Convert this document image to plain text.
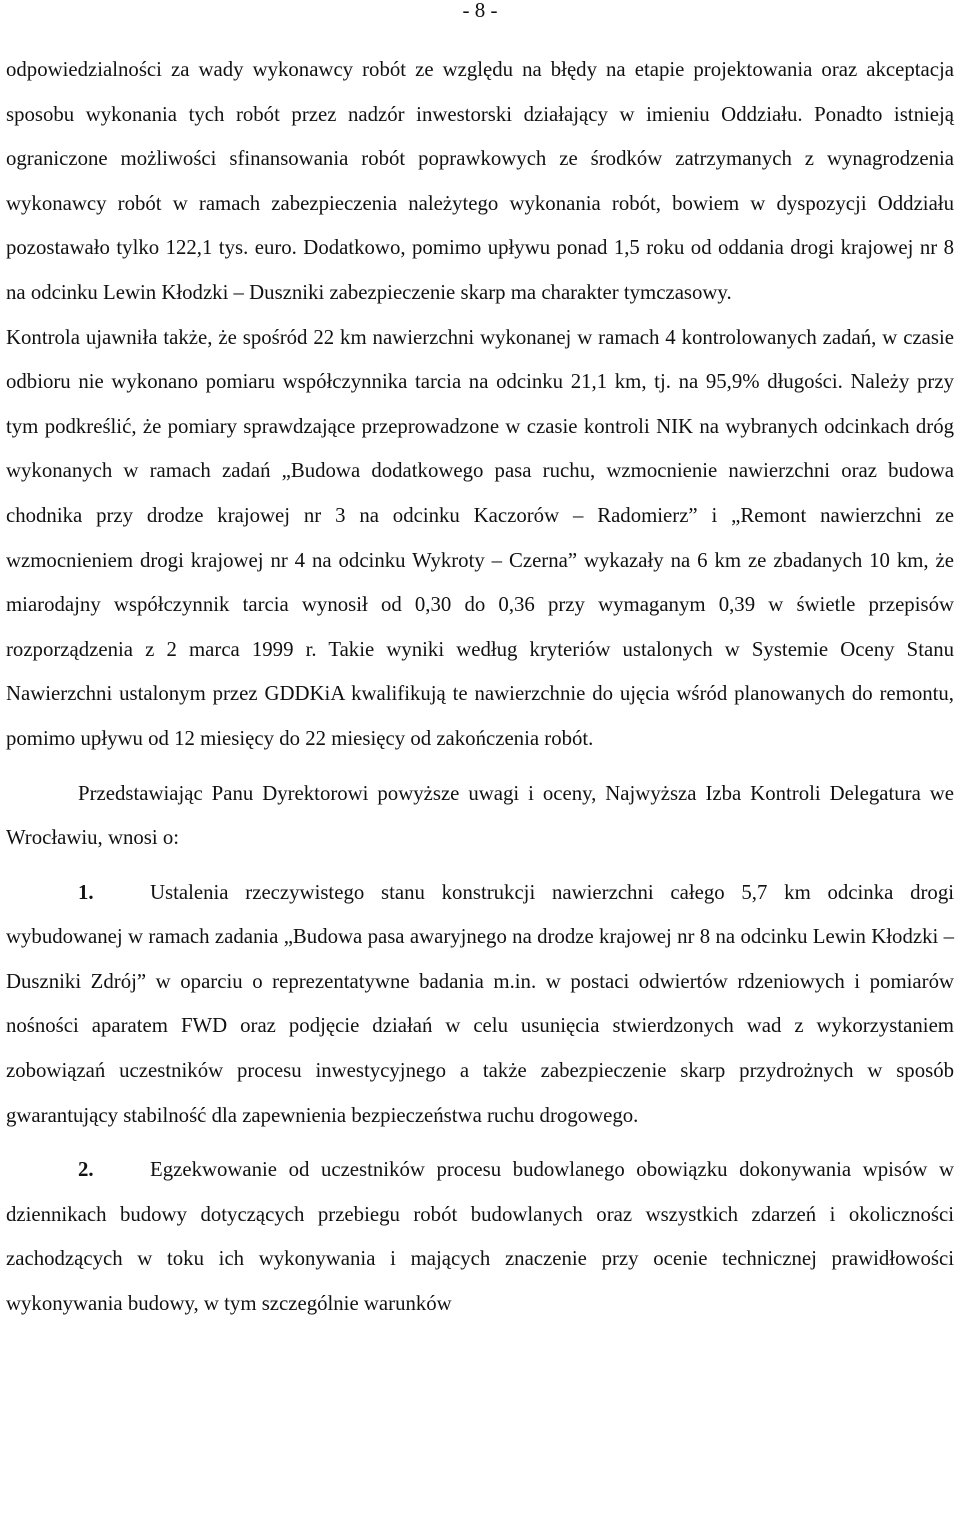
- 8 -

odpowiedzialności za wady wykonawcy robót ze względu na błędy na etapie projektowania oraz akceptacja sposobu wykonania tych robót przez nadzór inwestorski działający w imieniu Oddziału. Ponadto istnieją ograniczone możliwości sfinansowania robót poprawkowych ze środków zatrzymanych z wynagrodzenia wykonawcy robót w ramach zabezpieczenia należytego wykonania robót, bowiem w dyspozycji Oddziału pozostawało tylko 122,1 tys. euro. Dodatkowo, pomimo upływu ponad 1,5 roku od oddania drogi krajowej nr 8 na odcinku Lewin Kłodzki – Duszniki zabezpieczenie skarp ma charakter tymczasowy.

Kontrola ujawniła także, że spośród 22 km nawierzchni wykonanej w ramach 4 kontrolowanych zadań, w czasie odbioru nie wykonano pomiaru współczynnika tarcia na odcinku 21,1 km, tj. na 95,9% długości. Należy przy tym podkreślić, że pomiary sprawdzające przeprowadzone w czasie kontroli NIK na wybranych odcinkach dróg wykonanych w ramach zadań „Budowa dodatkowego pasa ruchu, wzmocnienie nawierzchni oraz budowa chodnika przy drodze krajowej nr 3 na odcinku Kaczorów – Radomierz” i „Remont nawierzchni ze wzmocnieniem drogi krajowej nr 4 na odcinku Wykroty – Czerna” wykazały na 6 km ze zbadanych 10 km, że miarodajny współczynnik tarcia wynosił od 0,30 do 0,36 przy wymaganym 0,39 w świetle przepisów rozporządzenia z 2 marca 1999 r. Takie wyniki według kryteriów ustalonych w Systemie Oceny Stanu Nawierzchni ustalonym przez GDDKiA kwalifikują te nawierzchnie do ujęcia wśród planowanych do remontu, pomimo upływu od 12 miesięcy do 22 miesięcy od zakończenia robót.

Przedstawiając Panu Dyrektorowi powyższe uwagi i oceny, Najwyższa Izba Kontroli Delegatura we Wrocławiu, wnosi o:

1.	Ustalenia rzeczywistego stanu konstrukcji nawierzchni całego 5,7 km odcinka drogi wybudowanej w ramach zadania „Budowa pasa awaryjnego na drodze krajowej nr 8 na odcinku Lewin Kłodzki – Duszniki Zdrój” w oparciu o reprezentatywne badania m.in. w postaci odwiertów rdzeniowych i pomiarów nośności aparatem FWD oraz podjęcie działań w celu usunięcia stwierdzonych wad z wykorzystaniem zobowiązań uczestników procesu inwestycyjnego a także zabezpieczenie skarp przydrożnych w sposób gwarantujący stabilność dla zapewnienia bezpieczeństwa ruchu drogowego.

2.	Egzekwowanie od uczestników procesu budowlanego obowiązku dokonywania wpisów w dziennikach budowy dotyczących przebiegu robót budowlanych oraz wszystkich zdarzeń i okoliczności zachodzących w toku ich wykonywania i mających znaczenie przy ocenie technicznej prawidłowości wykonywania budowy, w tym szczególnie warunków
